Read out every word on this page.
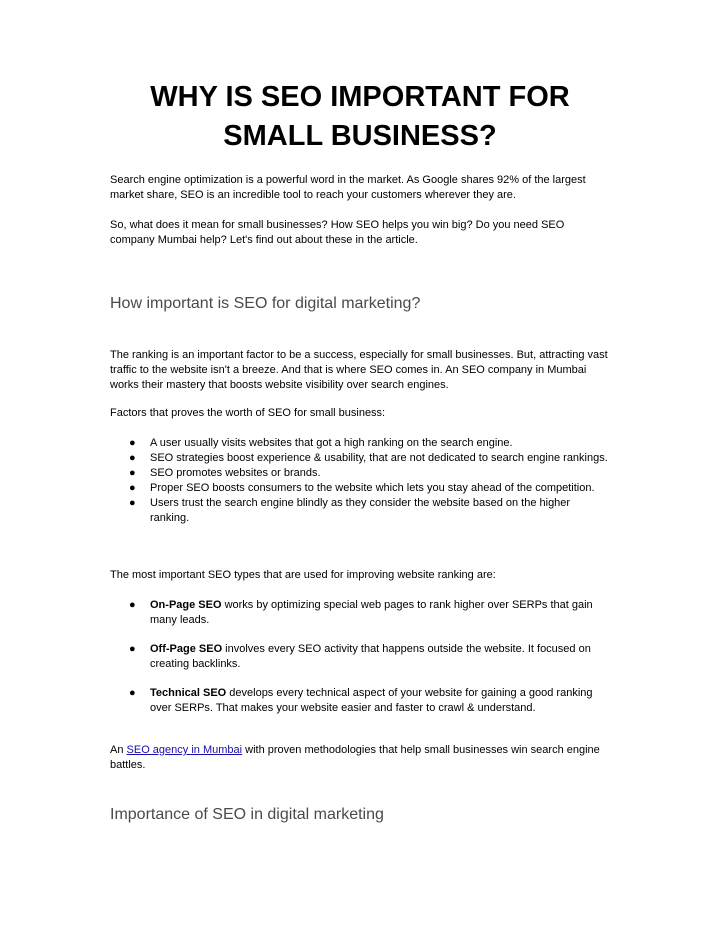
WHY IS SEO IMPORTANT FOR
SMALL BUSINESS?
Search engine optimization is a powerful word in the market. As Google shares 92% of the largest market share, SEO is an incredible tool to reach your customers wherever they are.
So, what does it mean for small businesses? How SEO helps you win big? Do you need SEO company Mumbai help? Let's find out about these in the article.
How important is SEO for digital marketing?
The ranking is an important factor to be a success, especially for small businesses. But, attracting vast traffic to the website isn't a breeze. And that is where SEO comes in. An SEO company in Mumbai works their mastery that boosts website visibility over search engines.
Factors that proves the worth of SEO for small business:
● A user usually visits websites that got a high ranking on the search engine.
● SEO strategies boost experience & usability, that are not dedicated to search engine rankings.
● SEO promotes websites or brands.
● Proper SEO boosts consumers to the website which lets you stay ahead of the competition.
● Users trust the search engine blindly as they consider the website based on the higher ranking.
The most important SEO types that are used for improving website ranking are:
● On-Page SEO works by optimizing special web pages to rank higher over SERPs that gain many leads.
● Off-Page SEO involves every SEO activity that happens outside the website. It focused on creating backlinks.
● Technical SEO develops every technical aspect of your website for gaining a good ranking over SERPs. That makes your website easier and faster to crawl & understand.
An SEO agency in Mumbai with proven methodologies that help small businesses win search engine battles.
Importance of SEO in digital marketing
